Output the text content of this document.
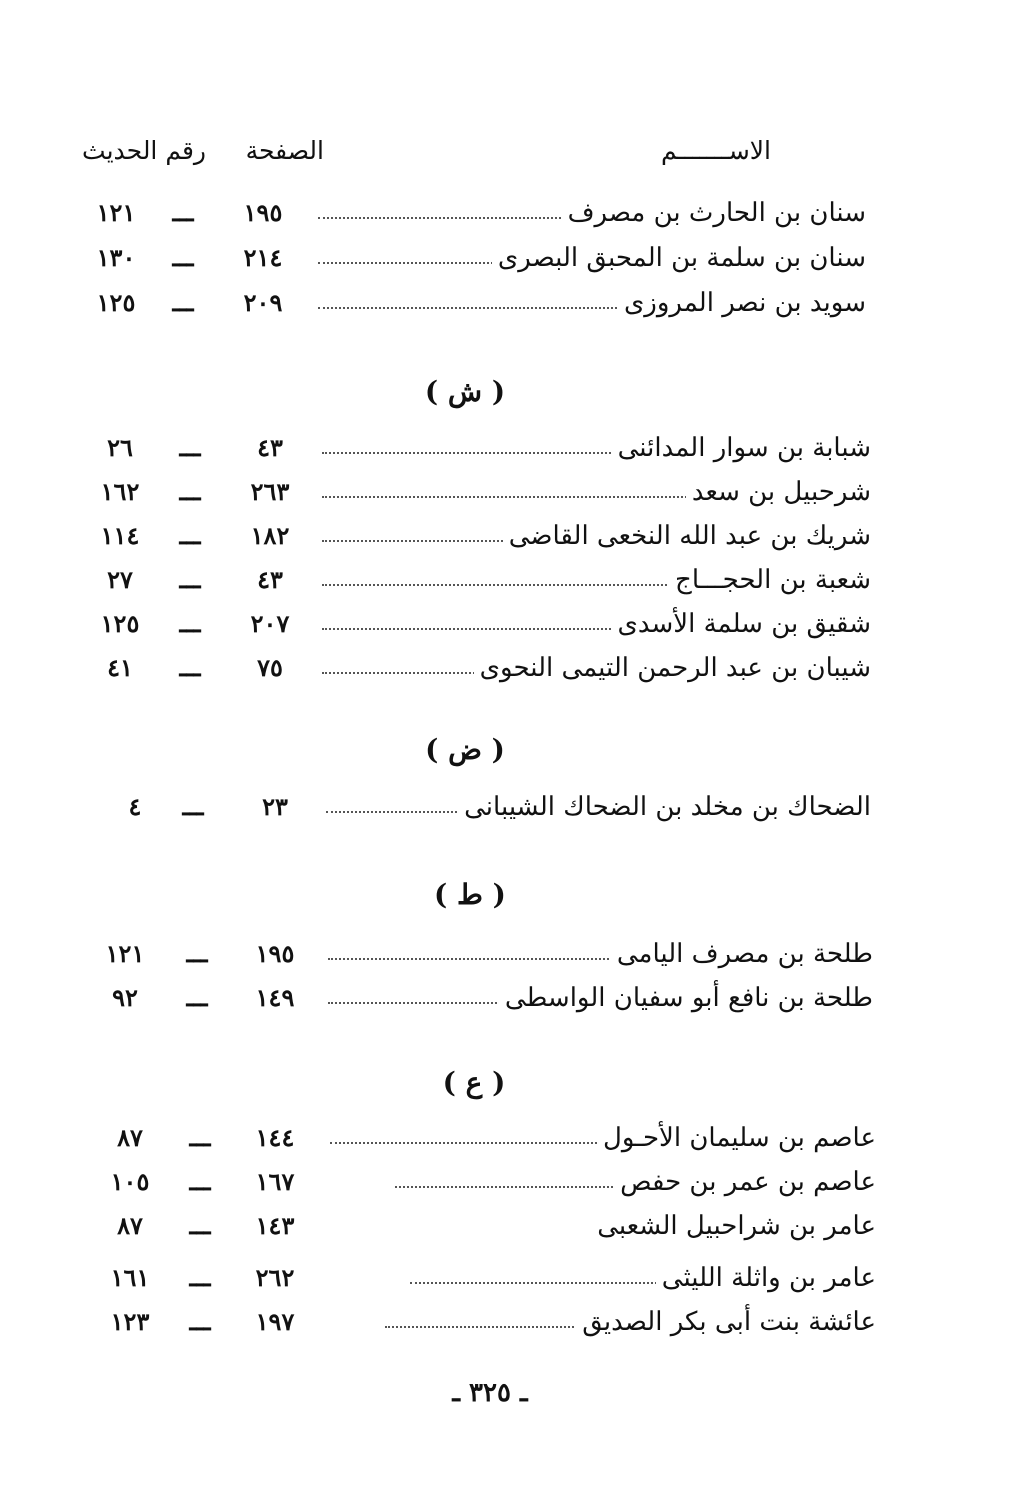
الاســـــــم
الصفحة
رقم الحديث
سنان بن الحارث بن مصرف
١٩٥
ـــ
١٢١
سنان بن سلمة بن المحبق البصرى
٢١٤
ـــ
١٣٠
سويد بن نصر المروزى
٢٠٩
ـــ
١٢٥
( ش )
شبابة بن سوار المدائنى
٤٣
ـــ
٢٦
شرحبيل بن سعد
٢٦٣
ـــ
١٦٢
شريك بن عبد الله النخعى القاضى
١٨٢
ـــ
١١٤
شعبة بن الحجـــاج
٤٣
ـــ
٢٧
شقيق بن سلمة الأسدى
٢٠٧
ـــ
١٢٥
شيبان بن عبد الرحمن التيمى النحوى
٧٥
ـــ
٤١
( ض )
الضحاك بن مخلد بن الضحاك الشيبانى
٢٣
ـــ
٤
( ط )
طلحة بن مصرف اليامى
١٩٥
ـــ
١٢١
طلحة بن نافع أبو سفيان الواسطى
١٤٩
ـــ
٩٢
( ع )
عاصم بن سليمان الأحـول
١٤٤
ـــ
٨٧
عاصم بن عمر بن حفص
١٦٧
ـــ
١٠٥
عامر بن شراحبيل الشعبى
١٤٣
ـــ
٨٧
عامر بن واثلة الليثى
٢٦٢
ـــ
١٦١
عائشة بنت أبى بكر الصديق
١٩٧
ـــ
١٢٣
ـ ٣٢٥ ـ
